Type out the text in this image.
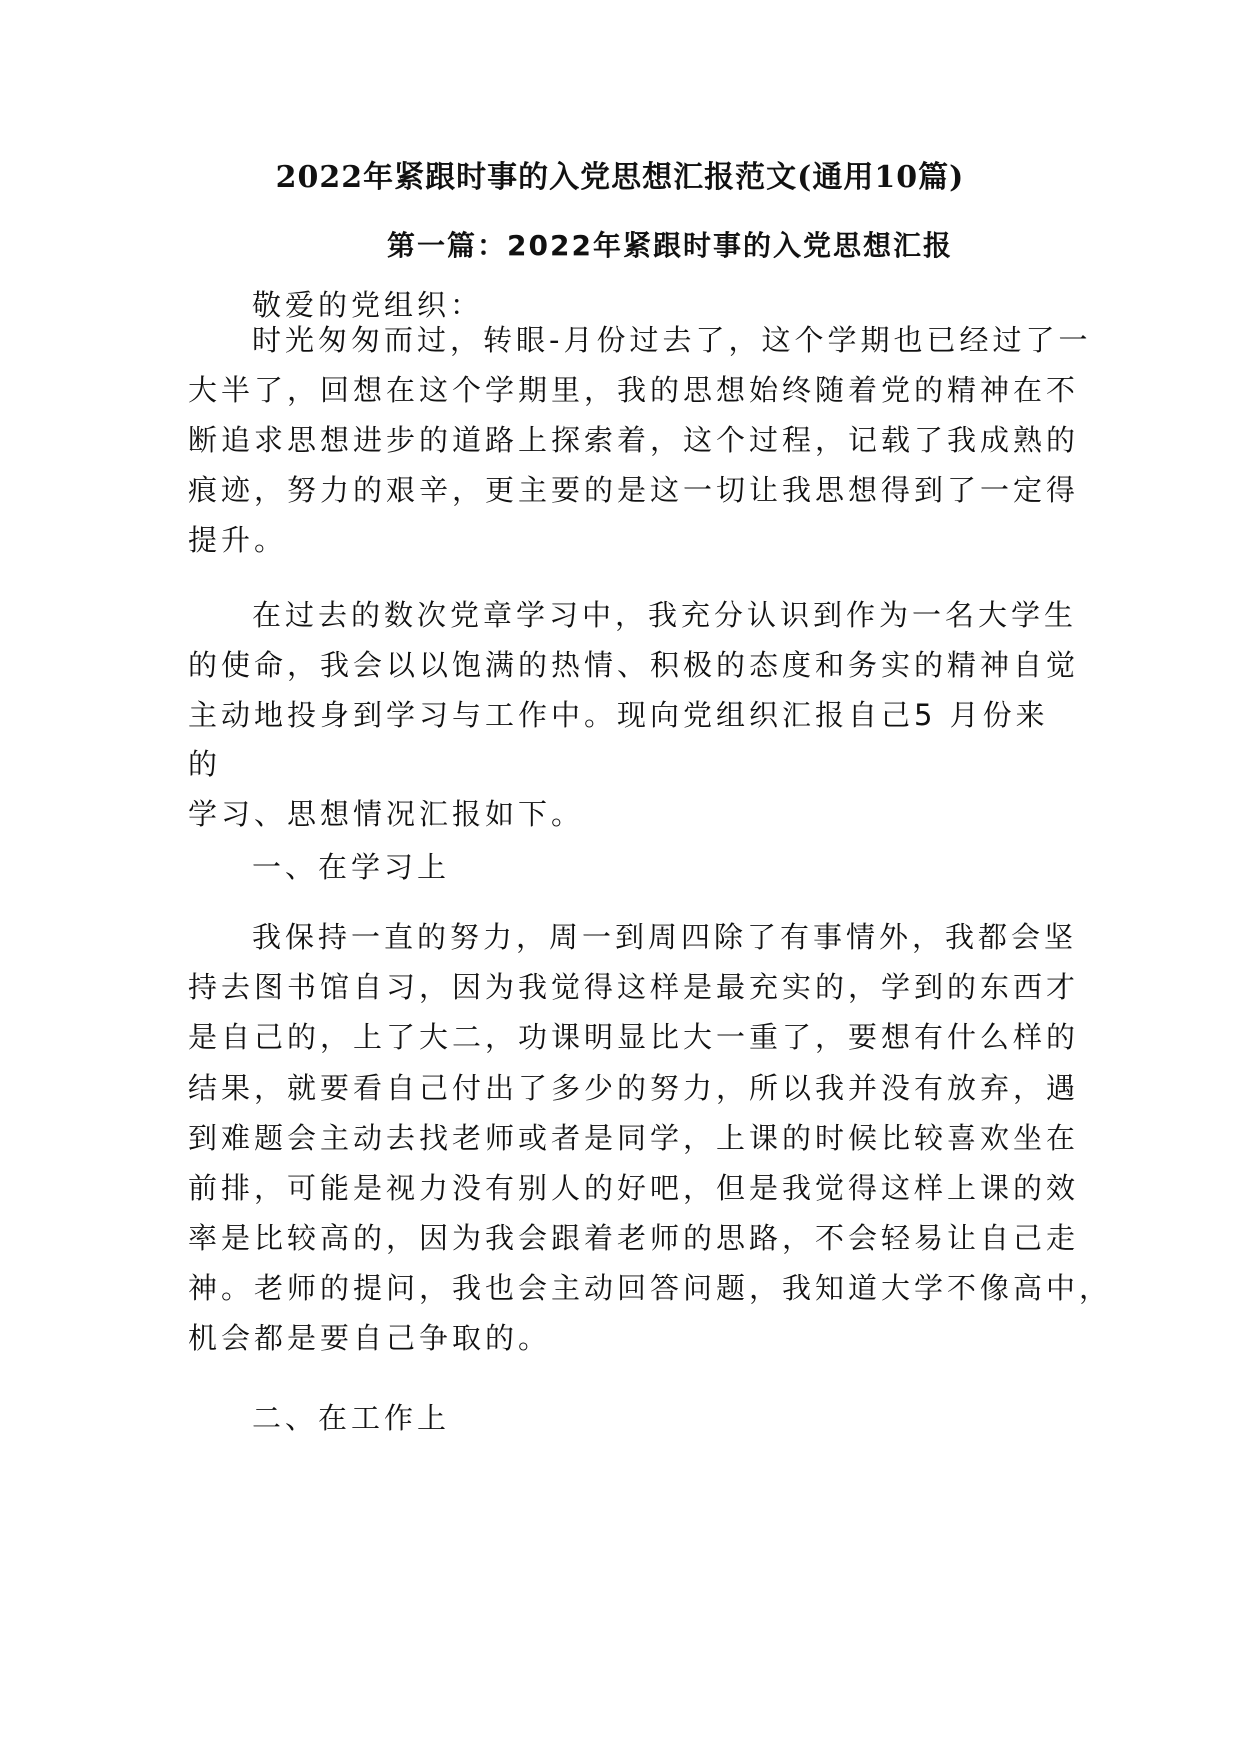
2022年紧跟时事的入党思想汇报范文(通用10篇)
第一篇：2022年紧跟时事的入党思想汇报

敬爱的党组织：

时光匆匆而过，转眼-月份过去了，这个学期也已经过了一

大半了，回想在这个学期里，我的思想始终随着党的精神在不

断追求思想进步的道路上探索着，这个过程，记载了我成熟的

痕迹，努力的艰辛，更主要的是这一切让我思想得到了一定得

提升。

在过去的数次党章学习中，我充分认识到作为一名大学生

的使命，我会以以饱满的热情、积极的态度和务实的精神自觉

主动地投身到学习与工作中。现向党组织汇报自己5 月份来

的

学习、思想情况汇报如下。

一、在学习上

我保持一直的努力，周一到周四除了有事情外，我都会坚

持去图书馆自习，因为我觉得这样是最充实的，学到的东西才

是自己的，上了大二，功课明显比大一重了，要想有什么样的

结果，就要看自己付出了多少的努力，所以我并没有放弃，遇

到难题会主动去找老师或者是同学，上课的时候比较喜欢坐在

前排，可能是视力没有别人的好吧，但是我觉得这样上课的效

率是比较高的，因为我会跟着老师的思路，不会轻易让自己走

神。老师的提问，我也会主动回答问题，我知道大学不像高中，

机会都是要自己争取的。

二、在工作上
